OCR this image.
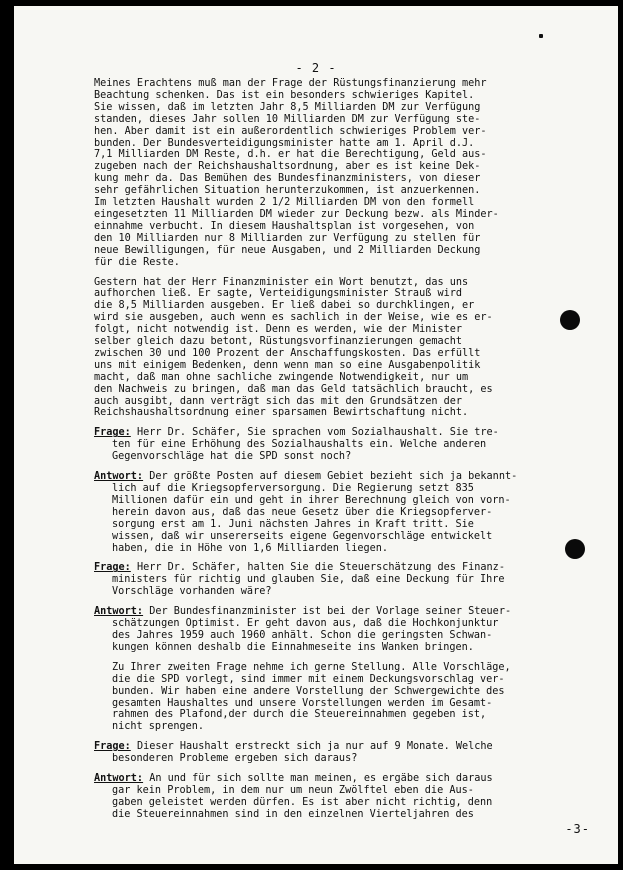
- 2 -

Meines Erachtens muß man der Frage der Rüstungsfinanzierung mehr

Beachtung schenken. Das ist ein besonders schwieriges Kapitel.

Sie wissen, daß im letzten Jahr 8,5 Milliarden DM zur Verfügung

standen, dieses Jahr sollen 10 Milliarden DM zur Verfügung ste-

hen. Aber damit ist ein außerordentlich schwieriges Problem ver-

bunden. Der Bundesverteidigungsminister hatte am 1. April d.J.

7,1 Milliarden DM Reste, d.h. er hat die Berechtigung, Geld aus-

zugeben nach der Reichshaushaltsordnung, aber es ist keine Dek-

kung mehr da. Das Bemühen des Bundesfinanzministers, von dieser

sehr gefährlichen Situation herunterzukommen, ist anzuerkennen.

Im letzten Haushalt wurden 2 1/2 Milliarden DM von den formell

eingesetzten 11 Milliarden DM wieder zur Deckung bezw. als Minder-

einnahme verbucht. In diesem Haushaltsplan ist vorgesehen, von

den 10 Milliarden nur 8 Milliarden zur Verfügung zu stellen für

neue Bewilligungen, für neue Ausgaben, und 2 Milliarden Deckung

für die Reste.

Gestern hat der Herr Finanzminister ein Wort benutzt, das uns

aufhorchen ließ. Er sagte, Verteidigungsminister Strauß wird

die 8,5 Milliarden ausgeben. Er ließ dabei so durchklingen, er

wird sie ausgeben, auch wenn es sachlich in der Weise, wie es er-

folgt, nicht notwendig ist. Denn es werden, wie der Minister

selber gleich dazu betont, Rüstungsvorfinanzierungen gemacht

zwischen 30 und 100 Prozent der Anschaffungskosten. Das erfüllt

uns mit einigem Bedenken, denn wenn man so eine Ausgabenpolitik

macht, daß man ohne sachliche zwingende Notwendigkeit, nur um

den Nachweis zu bringen, daß man das Geld tatsächlich braucht, es

auch ausgibt, dann verträgt sich das mit den Grundsätzen der

Reichshaushaltsordnung einer sparsamen Bewirtschaftung nicht.

Frage: Herr Dr. Schäfer, Sie sprachen vom Sozialhaushalt. Sie tre-

ten für eine Erhöhung des Sozialhaushalts ein. Welche anderen

Gegenvorschläge hat die SPD sonst noch?

Antwort: Der größte Posten auf diesem Gebiet bezieht sich ja bekannt-

lich auf die Kriegsopferversorgung. Die Regierung setzt 835

Millionen dafür ein und geht in ihrer Berechnung gleich von vorn-

herein davon aus, daß das neue Gesetz über die Kriegsopferver-

sorgung erst am 1. Juni nächsten Jahres in Kraft tritt. Sie

wissen, daß wir unsererseits eigene Gegenvorschläge entwickelt

haben, die in Höhe von 1,6 Milliarden liegen.

Frage: Herr Dr. Schäfer, halten Sie die Steuerschätzung des Finanz-

ministers für richtig und glauben Sie, daß eine Deckung für Ihre

Vorschläge vorhanden wäre?

Antwort: Der Bundesfinanzminister ist bei der Vorlage seiner Steuer-

schätzungen Optimist. Er geht davon aus, daß die Hochkonjunktur

des Jahres 1959 auch 1960 anhält. Schon die geringsten Schwan-

kungen können deshalb die Einnahmeseite ins Wanken bringen.

Zu Ihrer zweiten Frage nehme ich gerne Stellung. Alle Vorschläge,

die die SPD vorlegt, sind immer mit einem Deckungsvorschlag ver-

bunden. Wir haben eine andere Vorstellung der Schwergewichte des

gesamten Haushaltes und unsere Vorstellungen werden im Gesamt-

rahmen des Plafond,der durch die Steuereinnahmen gegeben ist,

nicht sprengen.

Frage: Dieser Haushalt erstreckt sich ja nur auf 9 Monate. Welche

besonderen Probleme ergeben sich daraus?

Antwort: An und für sich sollte man meinen, es ergäbe sich daraus

gar kein Problem, in dem nur um neun Zwölftel eben die Aus-

gaben geleistet werden dürfen. Es ist aber nicht richtig, denn

die Steuereinnahmen sind in den einzelnen Vierteljahren des

-3-
